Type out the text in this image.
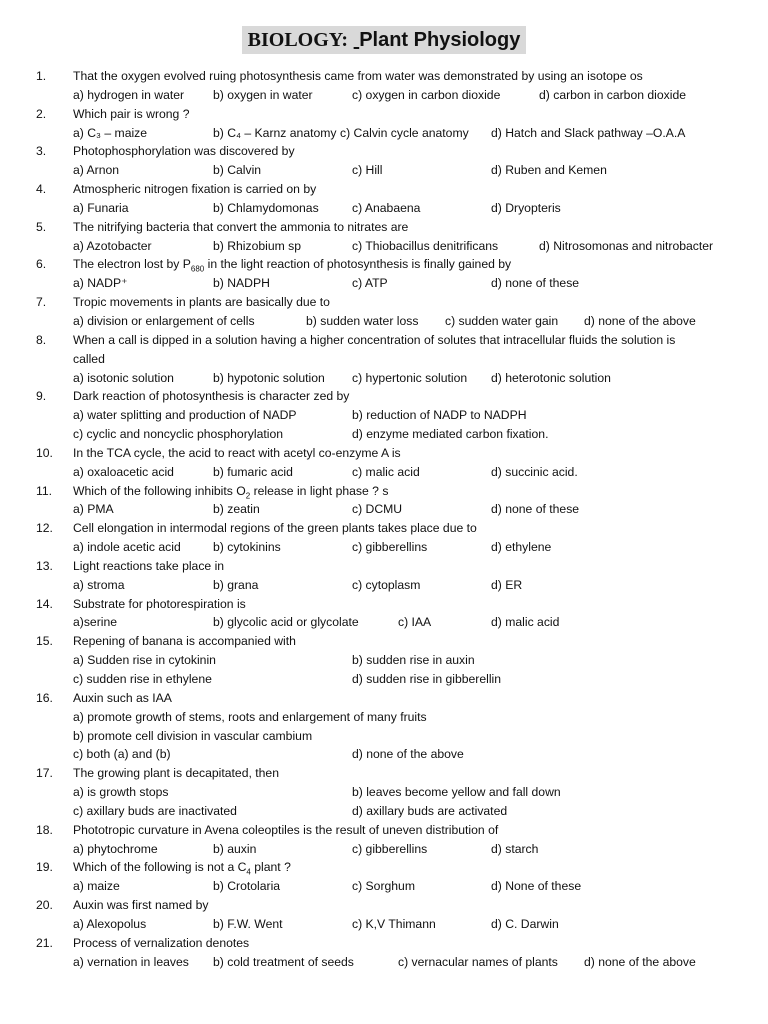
BIOLOGY: Plant Physiology
1. That the oxygen evolved ruing photosynthesis came from water was demonstrated by using an isotope os
a) hydrogen in water b) oxygen in water	c) oxygen in carbon dioxide	d) carbon in carbon dioxide
2. Which pair is wrong ?
a) C₃ – maize	b) C₄ – Karnz anatomy c) Calvin cycle anatomy d) Hatch and Slack pathway –O.A.A
3. Photophosphorylation was discovered by
a) Arnon	b) Calvin	c) Hill	d) Ruben and Kemen
4. Atmospheric nitrogen fixation is carried on by
a) Funaria	b) Chlamydomonas	c) Anabaena	d) Dryopteris
5. The nitrifying bacteria that convert the ammonia to nitrates are
a) Azotobacter	b) Rhizobium sp	c) Thiobacillus denitrificans	d) Nitrosomonas and nitrobacter
6. The electron lost by $P_{680}$ in the light reaction of photosynthesis is finally gained by
a) NADP⁺	b) NADPH	c) ATP	d) none of these
7. Tropic movements in plants are basically due to
a) division or enlargement of cells	b) sudden water loss c) sudden water gain d) none of the above
8. When a call is dipped in a solution having a higher concentration of solutes that intracellular fluids the solution is
called
a) isotonic solution	b) hypotonic solution c) hypertonic solution d) heterotonic solution
9. Dark reaction of photosynthesis is character zed by
a) water splitting and production of NADP	b) reduction of NADP to NADPH
c) cyclic and noncyclic phosphorylation	d) enzyme mediated carbon fixation.
10. In the TCA cycle, the acid to react with acetyl co-enzyme A is
a) oxaloacetic acid	b) fumaric acid	c) malic acid	d) succinic acid.
11. Which of the following inhibits $O_2$ release in light phase ? s
a) PMA	b) zeatin	c) DCMU	d) none of these
12. Cell elongation in intermodal regions of the green plants takes place due to
a) indole acetic acid	b) cytokinins	c) gibberellins	d) ethylene
13. Light reactions take place in
a) stroma	b) grana	c) cytoplasm	d) ER
14. Substrate for photorespiration is
a)serine	b) glycolic acid or glycolate	c) IAA	d) malic acid
15. Repening of banana is accompanied with
a) Sudden rise in cytokinin	b) sudden rise in auxin
c) sudden rise in ethylene	d) sudden rise in gibberellin
16. Auxin such as IAA
a) promote growth of stems, roots and enlargement of many fruits
b) promote cell division in vascular cambium
c) both (a) and (b)	d) none of the above
17. The growing plant is decapitated, then
a) is growth stops	b) leaves become yellow and fall down
c) axillary buds are inactivated	d) axillary buds are activated
18. Phototropic curvature in Avena coleoptiles is the result of uneven distribution of
a) phytochrome	b) auxin	c) gibberellins	d) starch
19. Which of the following is not a $C_4$ plant ?
a) maize	b) Crotolaria	c) Sorghum	d) None of these
20. Auxin was first named by
a) Alexopolus	b) F.W. Went	c) K,V Thimann	d) C. Darwin
21. Process of vernalization denotes
a) vernation in leaves b) cold treatment of seeds	c) vernacular names of plants d) none of the above
